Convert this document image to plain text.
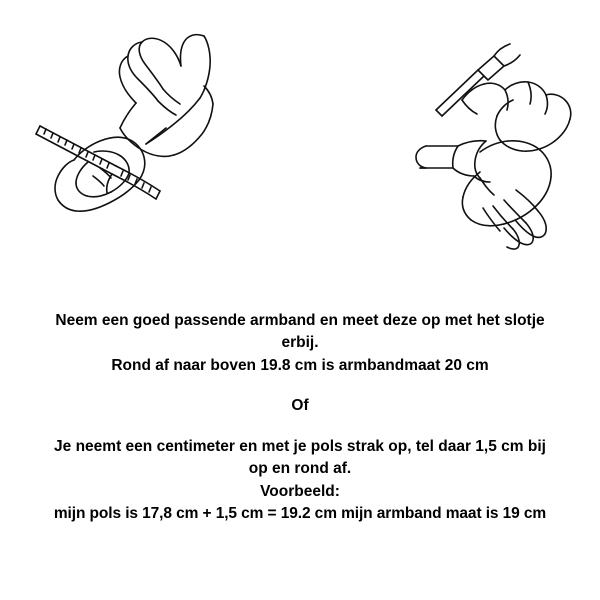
Neem een goed passende armband en meet deze op met het slotje
erbij.
Rond af naar boven 19.8 cm is armbandmaat 20 cm
Of
Je neemt een centimeter en met je pols strak op, tel daar 1,5 cm bij
op en rond af.
Voorbeeld:
mijn pols is 17,8 cm + 1,5 cm = 19.2 cm mijn armband maat is 19 cm
